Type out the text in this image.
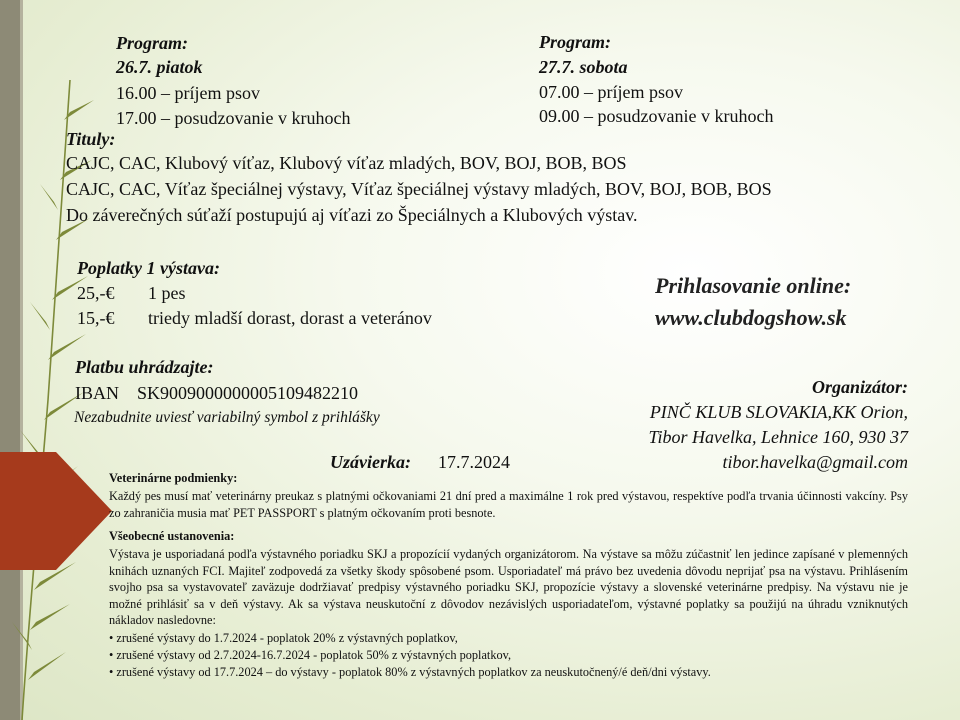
Program:
26.7. piatok
16.00 – príjem psov
17.00 – posudzovanie v kruhoch
Program:
27.7. sobota
07.00 – príjem psov
09.00 – posudzovanie v kruhoch
Tituly:
CAJC, CAC, Klubový víťaz, Klubový víťaz mladých, BOV, BOJ, BOB, BOS
CAJC, CAC, Víťaz špeciálnej výstavy, Víťaz špeciálnej výstavy mladých, BOV, BOJ, BOB, BOS
Do záverečných súťaží postupujú aj víťazi zo Špeciálnych a Klubových výstav.
Poplatky 1 výstava:
25,-€ 1 pes
15,-€ triedy mladší dorast, dorast a veteránov
Prihlasovanie online:
www.clubdogshow.sk
Platbu uhrádzajte:
IBAN SK9009000000005109482210
Nezabudnite uviesť variabilný symbol z prihlášky
Organizátor:
PINČ KLUB SLOVAKIA,KK Orion,
Tibor Havelka, Lehnice 160, 930 37
tibor.havelka@gmail.com
Uzávierka: 17.7.2024
Veterinárne podmienky:
Každý pes musí mať veterinárny preukaz s platnými očkovaniami 21 dní pred a maximálne 1 rok pred výstavou, respektíve podľa trvania účinnosti vakcíny. Psy zo zahraničia musia mať PET PASSPORT s platným očkovaním proti besnote.
Všeobecné ustanovenia:
Výstava je usporiadaná podľa výstavného poriadku SKJ a propozícií vydaných organizátorom. Na výstave sa môžu zúčastniť len jedince zapísané v plemenných knihách uznaných FCI. Majiteľ zodpovedá za všetky škody spôsobené psom. Usporiadateľ má právo bez uvedenia dôvodu neprijať psa na výstavu. Prihlásením svojho psa sa vystavovateľ zaväzuje dodržiavať predpisy výstavného poriadku SKJ, propozície výstavy a slovenské veterinárne predpisy. Na výstavu nie je možné prihlásiť sa v deň výstavy. Ak sa výstava neuskutoční z dôvodov nezávislých usporiadateľom, výstavné poplatky sa použijú na úhradu vzniknutých nákladov nasledovne:
• zrušené výstavy do 1.7.2024 - poplatok 20% z výstavných poplatkov,
• zrušené výstavy od 2.7.2024-16.7.2024 - poplatok 50% z výstavných poplatkov,
• zrušené výstavy od 17.7.2024 – do výstavy - poplatok 80% z výstavných poplatkov za neuskutočnený/é deň/dni výstavy.
